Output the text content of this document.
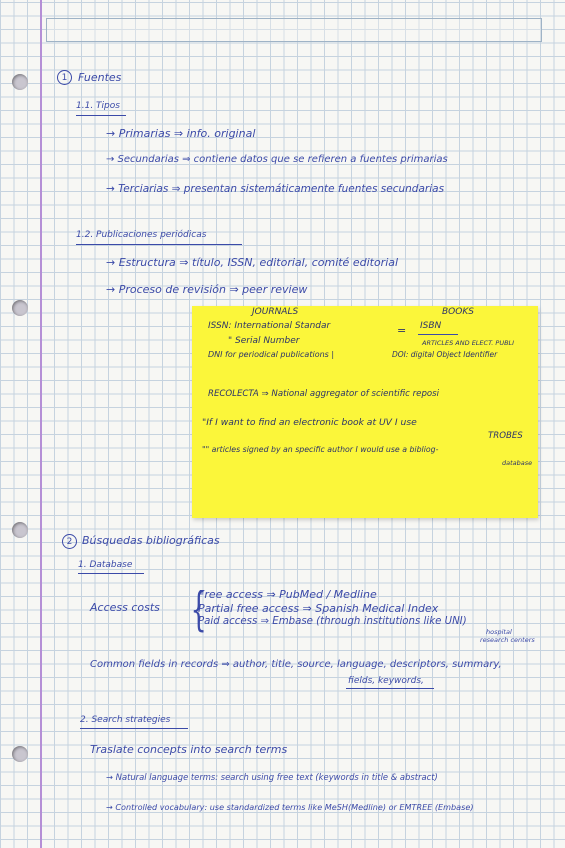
1 Fuentes
1.1. Tipos
→ Primarias ⇒ info. original
→ Secundarias ⇒ contiene datos que se refieren a fuentes primarias
→ Terciarias ⇒ presentan sistemáticamente fuentes secundarias
1.2. Publicaciones periódicas
→ Estructura ⇒ título, ISSN, editorial, comité editorial
→ Proceso de revisión ⇒ peer review
JOURNALS	BOOKS
ISSN: International Standar	= ISBN
" Serial Number	ARTICLES AND ELECT. PUBLI
DNI for periodical publications |	DOI: digital Object Identifier
RECOLECTA ⇒ National aggregator of scientific reposi
"If I want to find an electronic book at UV I use
TROBES
"" articles signed by an specific author I would use a bibliog-
database
2 Búsquedas bibliográficas
1. Database
Access costs {
Free access ⇒ PubMed / Medline
Partial free access ⇒ Spanish Medical Index
Paid access ⇒ Embase (through institutions like UNI)
hospital
research centers
Common fields in records ⇒ author, title, source, language, descriptors, summary,
fields, keywords,
2. Search strategies
Traslate concepts into search terms
→ Natural language terms: search using free text (keywords in title & abstract)
→ Controlled vocabulary: use standardized terms like MeSH(Medline) or EMTREE (Embase)
